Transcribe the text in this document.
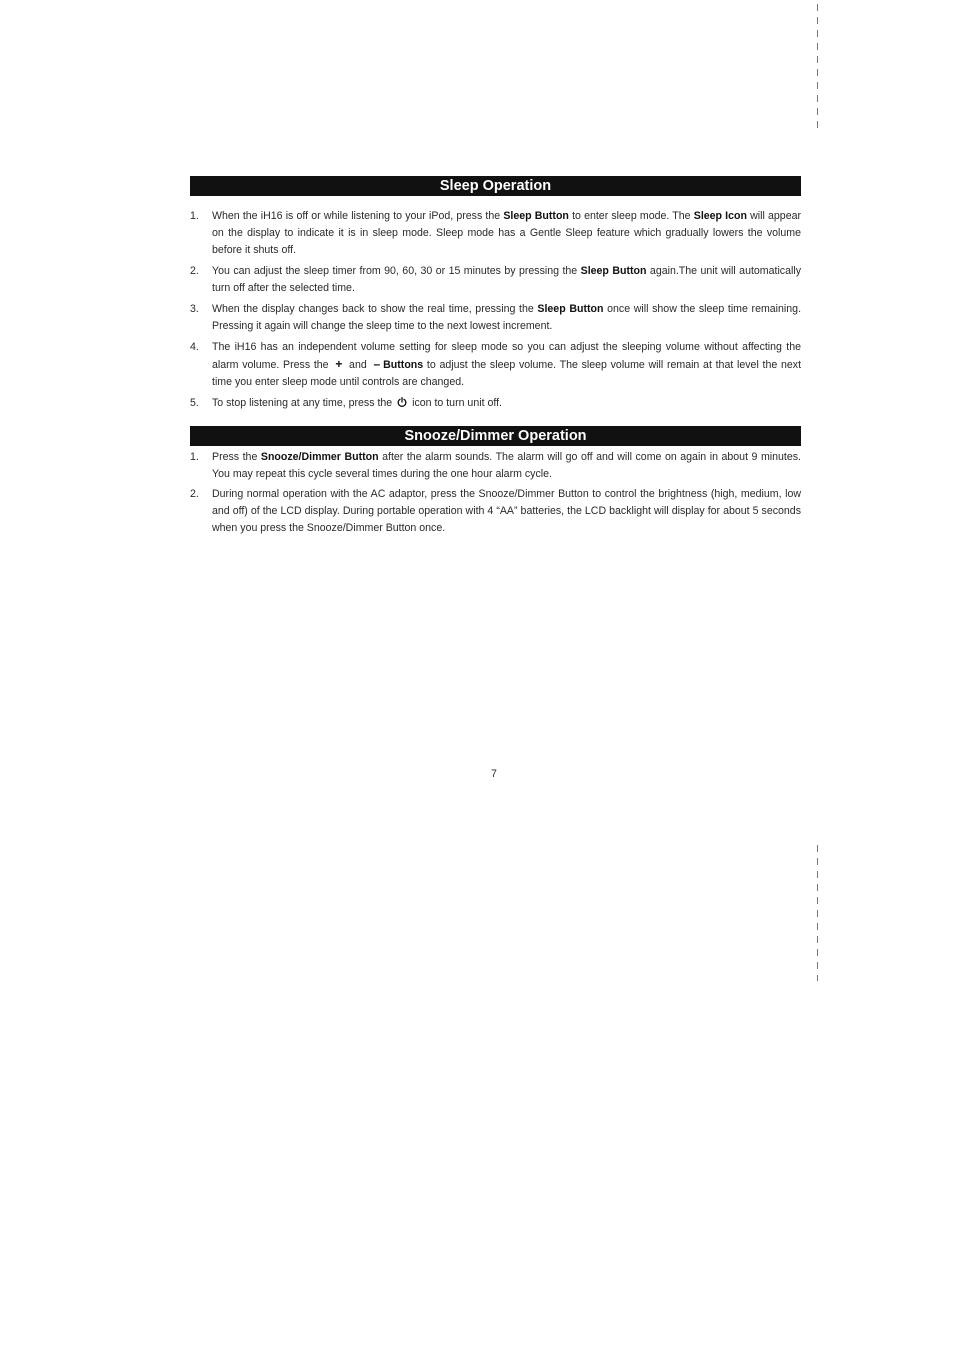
Sleep Operation
1. When the iH16 is off or while listening to your iPod, press the Sleep Button to enter sleep mode. The Sleep Icon will appear on the display to indicate it is in sleep mode. Sleep mode has a Gentle Sleep feature which gradually lowers the volume before it shuts off.
2. You can adjust the sleep timer from 90, 60, 30 or 15 minutes by pressing the Sleep Button again.The unit will automatically turn off after the selected time.
3. When the display changes back to show the real time, pressing the Sleep Button once will show the sleep time remaining. Pressing it again will change the sleep time to the next lowest increment.
4. The iH16 has an independent volume setting for sleep mode so you can adjust the sleeping volume without affecting the alarm volume. Press the + and – Buttons to adjust the sleep volume. The sleep volume will remain at that level the next time you enter sleep mode until controls are changed.
5. To stop listening at any time, press the  icon to turn unit off.
Snooze/Dimmer Operation
1. Press the Snooze/Dimmer Button after the alarm sounds. The alarm will go off and will come on again in about 9 minutes. You may repeat this cycle several times during the one hour alarm cycle.
2. During normal operation with the AC adaptor, press the Snooze/Dimmer Button to control the brightness (high, medium, low and off) of the LCD display. During portable operation with 4 “AA” batteries, the LCD backlight will display for about 5 seconds when you press the Snooze/Dimmer Button once.
7
